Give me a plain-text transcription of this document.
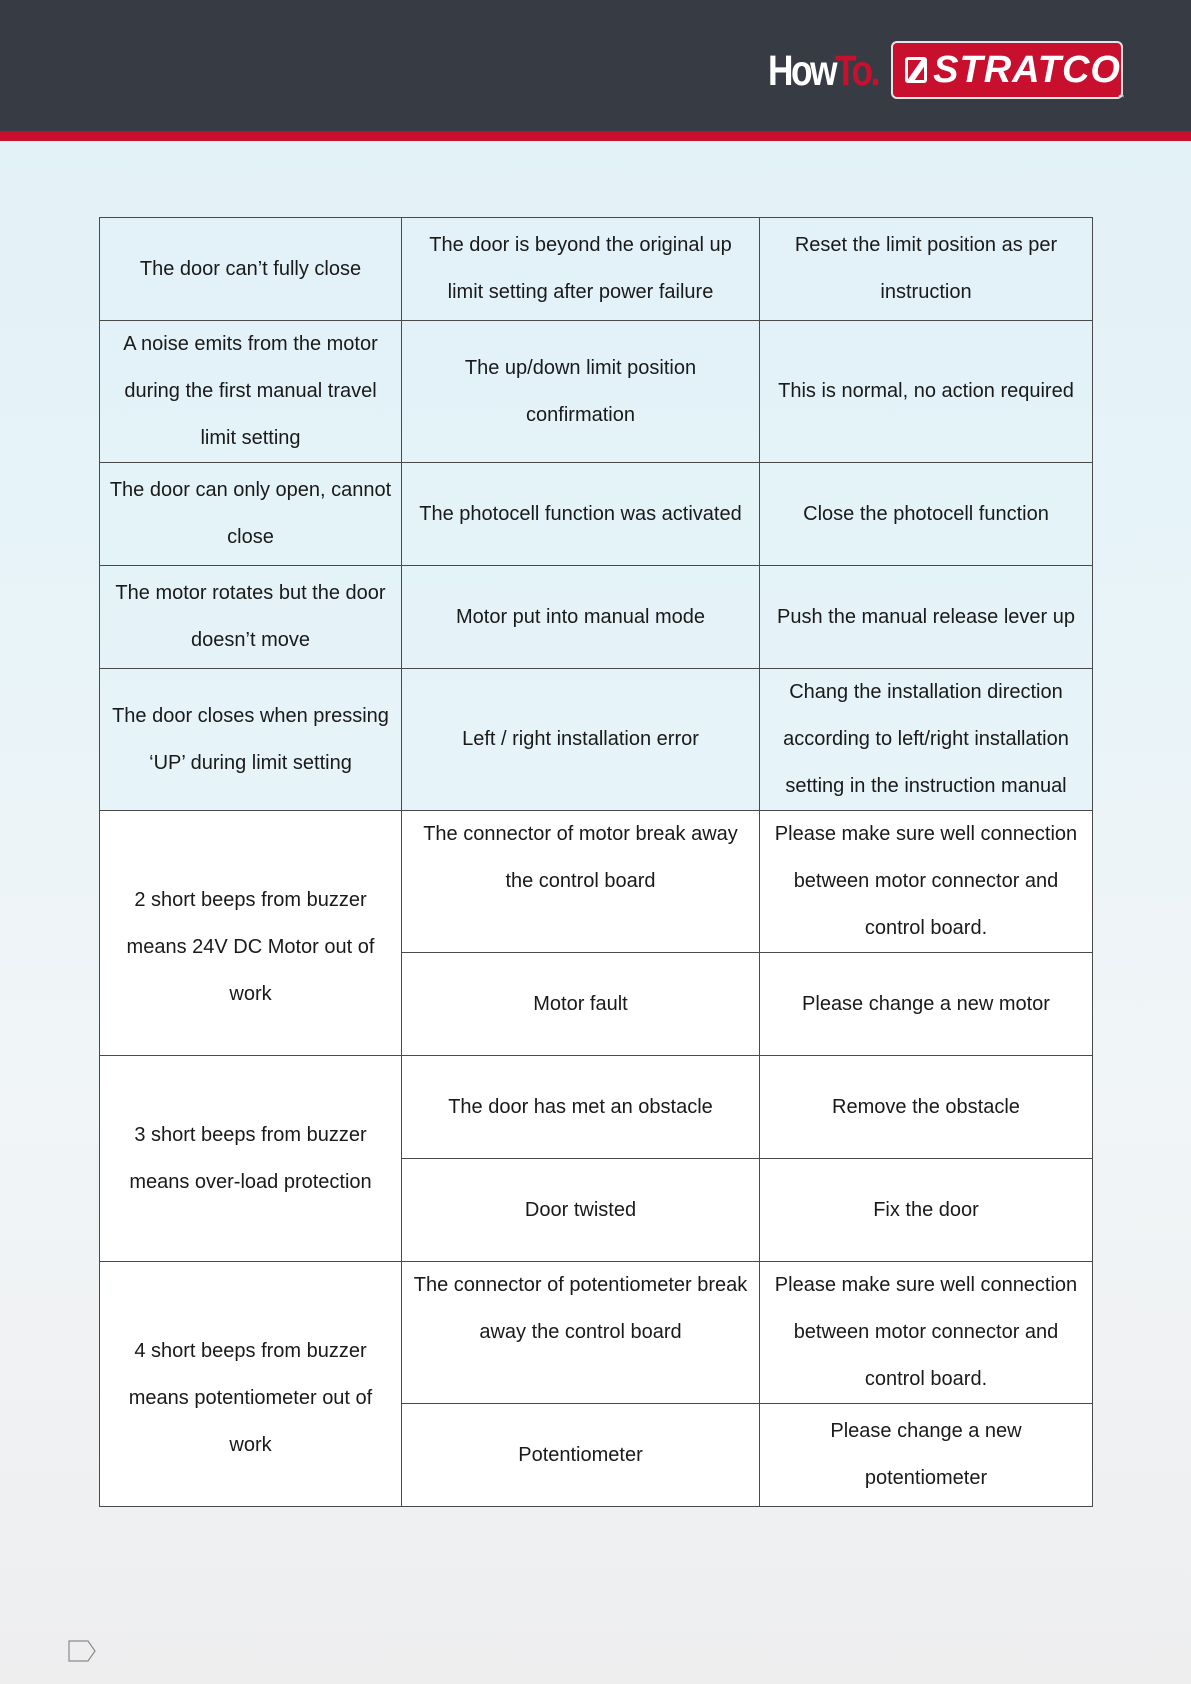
HowTo. STRATCO
™
The door can’t fully close	The door is beyond the original up limit setting after power failure	Reset the limit position as per instruction
A noise emits from the motor during the first manual travel limit setting	The up/down limit position confirmation	This is normal, no action required
The door can only open, cannot close	The photocell function was activated	Close the photocell function
The motor rotates but the door doesn’t move	Motor put into manual mode	Push the manual release lever up
The door closes when pressing ‘UP’ during limit setting	Left / right installation error	Chang the installation direction according to left/right installation setting in the instruction manual
2 short beeps from buzzer means 24V DC Motor out of work	The connector of motor break away the control board	Please make sure well connection between motor connector and control board.
	Motor fault	Please change a new motor
3 short beeps from buzzer means over-load protection	The door has met an obstacle	Remove the obstacle
	Door twisted	Fix the door
4 short beeps from buzzer means potentiometer out of work	The connector of potentiometer break away the control board	Please make sure well connection between motor connector and control board.
	Potentiometer	Please change a new potentiometer
